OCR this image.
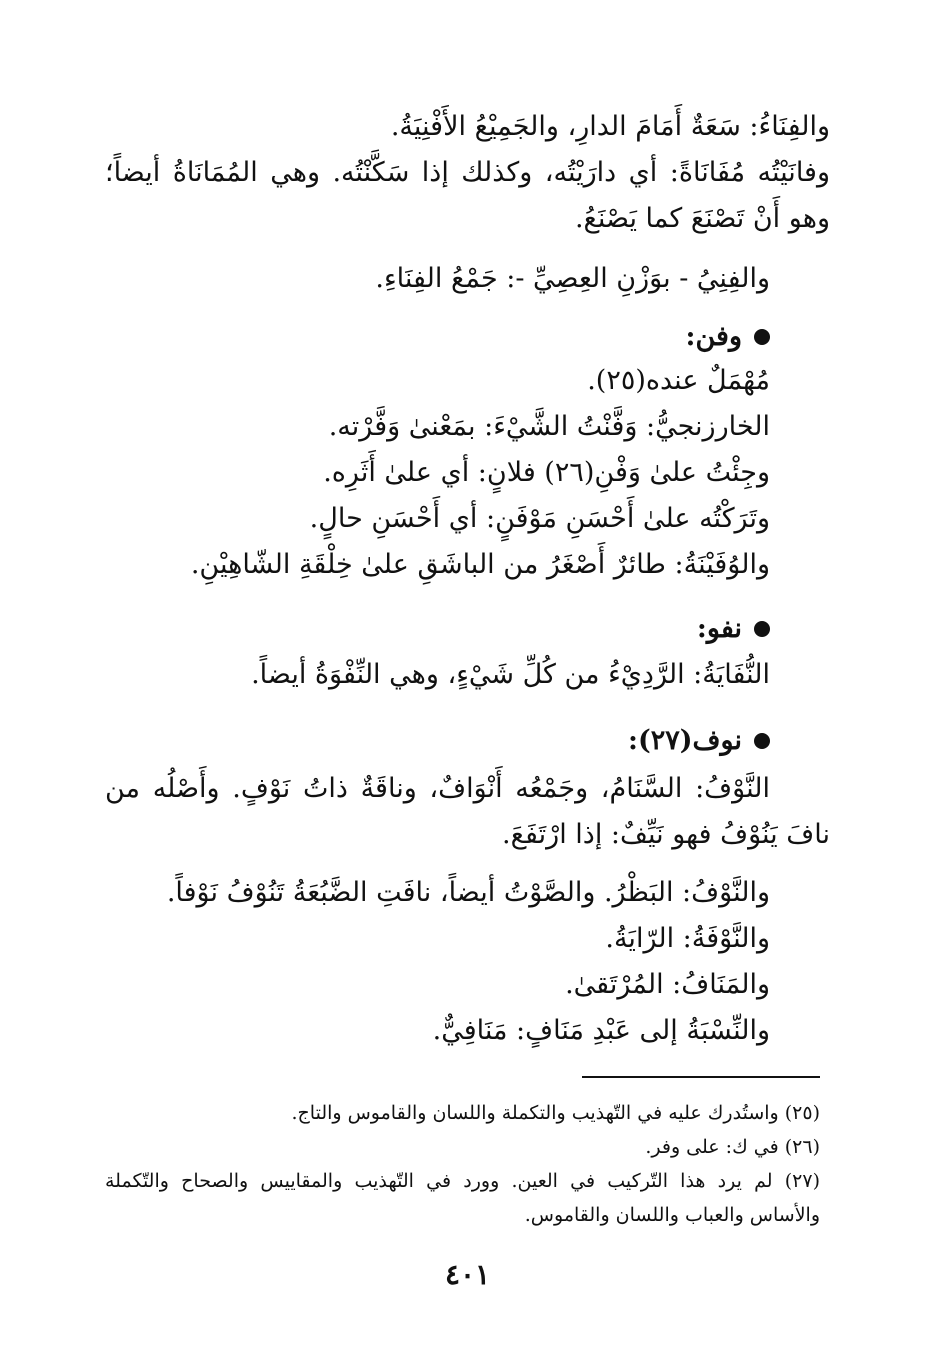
والفِنَاءُ: سَعَةٌ أَمَامَ الدارِ، والجَمِيْعُ الأَفْنِيَةُ.
وفانَيْتُه مُفَانَاةً: أي دارَيْتُه، وكذلك إذا سَكَّنْتُه. وهي المُمَانَاةُ أيضاً؛ وهو أَنْ تَصْنَعَ كما يَصْنَعُ.
والفِنِيُ - بوَزْنِ العِصِيِّ -: جَمْعُ الفِنَاءِ.
وفن:
مُهْمَلٌ عنده(٢٥).
الخارزنجيُّ: وَفَّنْتُ الشَّيْءَ: بمَعْنىٰ وَفَّرْته.
وجِئْتُ علىٰ وَفْنِ(٢٦) فلانٍ: أي علىٰ أَثَرِه.
وتَرَكْتُه علىٰ أَحْسَنِ مَوْفَنٍ: أي أَحْسَنِ حالٍ.
والوُفَيْنَةُ: طائرٌ أَصْغَرُ من الباشَقِ علىٰ خِلْقَةِ الشّاهِيْنِ.
نفو:
النُّفَايَةُ: الرَّدِيْءُ من كُلِّ شَيْءٍ، وهي النِّفْوَةُ أيضاً.
نوف(٢٧):
النَّوْفُ: السَّنَامُ، وجَمْعُه أَنْوَافٌ، وناقَةٌ ذاتُ نَوْفٍ. وأَصْلُه من نافَ يَنُوْفُ فهو نَيِّفٌ: إذا ارْتَفَعَ.
والنَّوْفُ: البَظْرُ. والصَّوْتُ أيضاً، نافَتِ الضَّبُعَةُ تَنُوْفُ نَوْفاً.
والنَّوْفَةُ: الرّايَةُ.
والمَنَافُ: المُرْتَقىٰ.
والنِّسْبَةُ إلى عَبْدِ مَنَافٍ: مَنَافِيٌّ.
(٢٥) واستُدرك عليه في التّهذيب والتكملة واللسان والقاموس والتاج.
(٢٦) في ك: على وفر.
(٢٧) لم يرد هذا التّركيب في العين. وورد في التّهذيب والمقاييس والصحاح والتّكملة والأساس والعباب واللسان والقاموس.
٤٠١
